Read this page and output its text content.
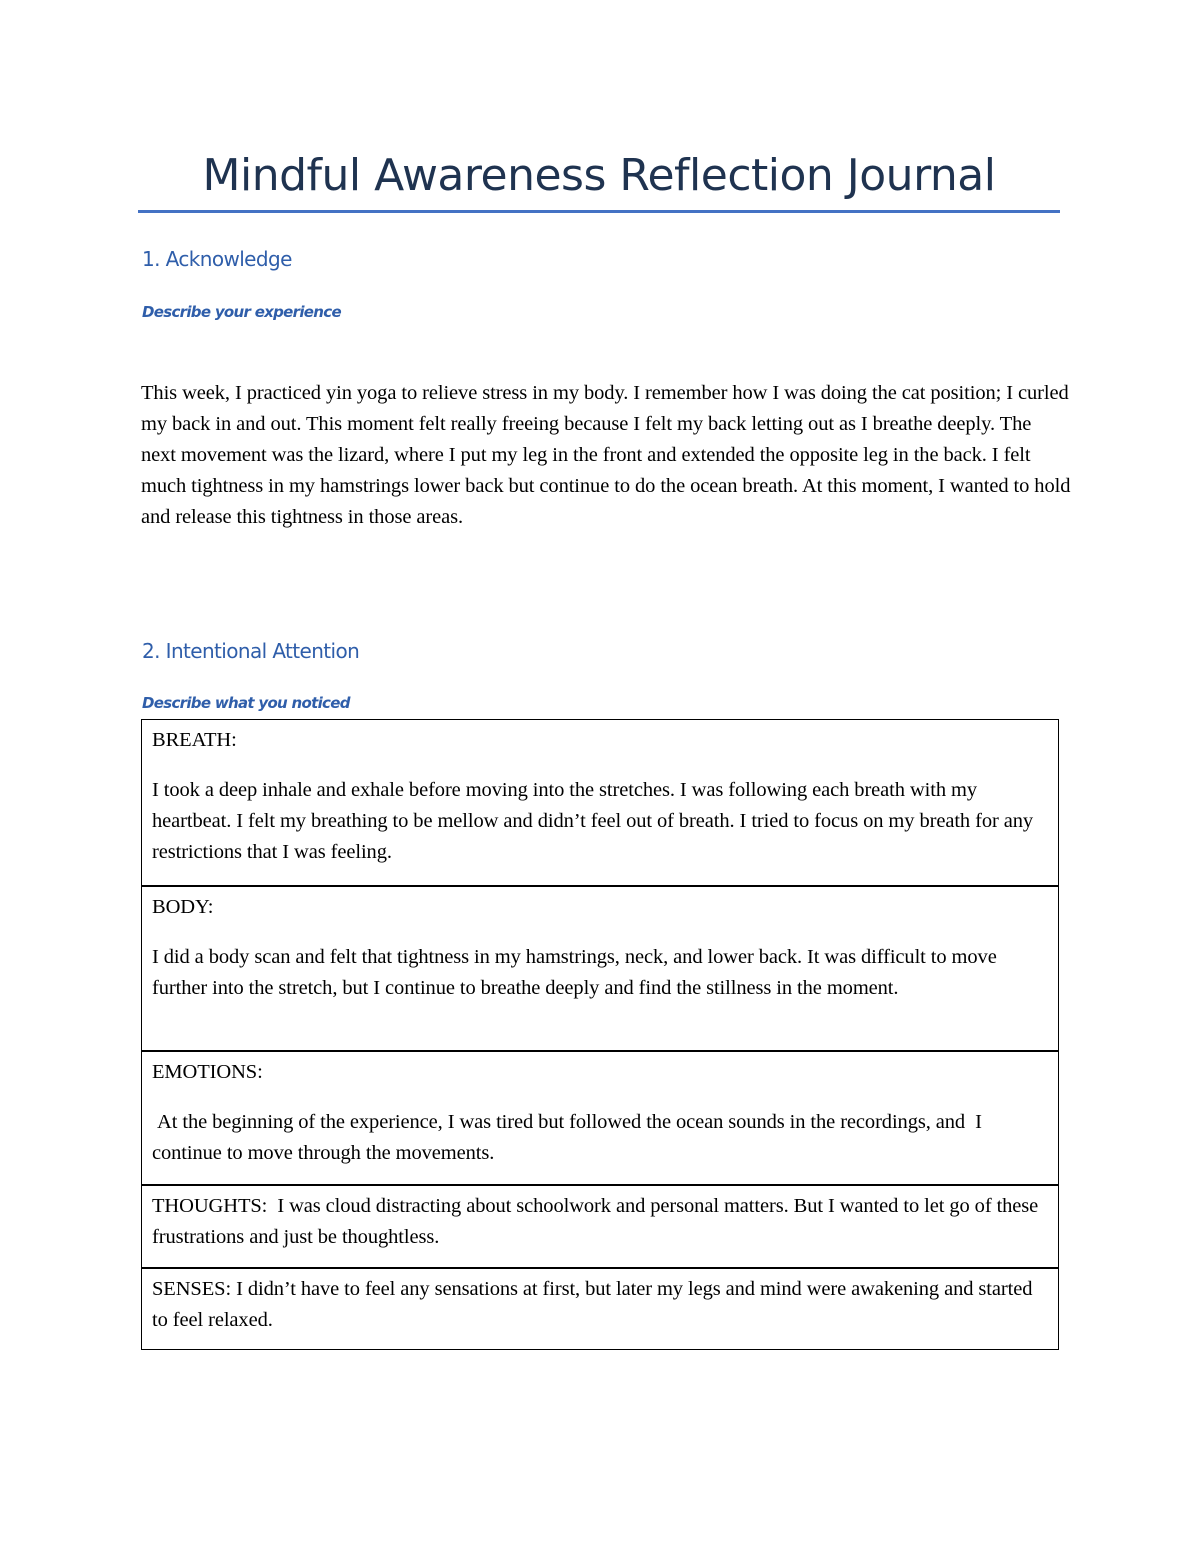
Mindful Awareness Reflection Journal
1. Acknowledge
Describe your experience

This week, I practiced yin yoga to relieve stress in my body. I remember how I was doing the cat position; I curled my back in and out. This moment felt really freeing because I felt my back letting out as I breathe deeply. The next movement was the lizard, where I put my leg in the front and extended the opposite leg in the back. I felt much tightness in my hamstrings lower back but continue to do the ocean breath. At this moment, I wanted to hold and release this tightness in those areas.

2. Intentional Attention
Describe what you noticed

BREATH:

I took a deep inhale and exhale before moving into the stretches. I was following each breath with my heartbeat. I felt my breathing to be mellow and didn’t feel out of breath. I tried to focus on my breath for any restrictions that I was feeling.

BODY:

I did a body scan and felt that tightness in my hamstrings, neck, and lower back. It was difficult to move further into the stretch, but I continue to breathe deeply and find the stillness in the moment.

EMOTIONS:

At the beginning of the experience, I was tired but followed the ocean sounds in the recordings, and  I continue to move through the movements.

THOUGHTS:  I was cloud distracting about schoolwork and personal matters. But I wanted to let go of these frustrations and just be thoughtless.

SENSES: I didn’t have to feel any sensations at first, but later my legs and mind were awakening and started to feel relaxed.
